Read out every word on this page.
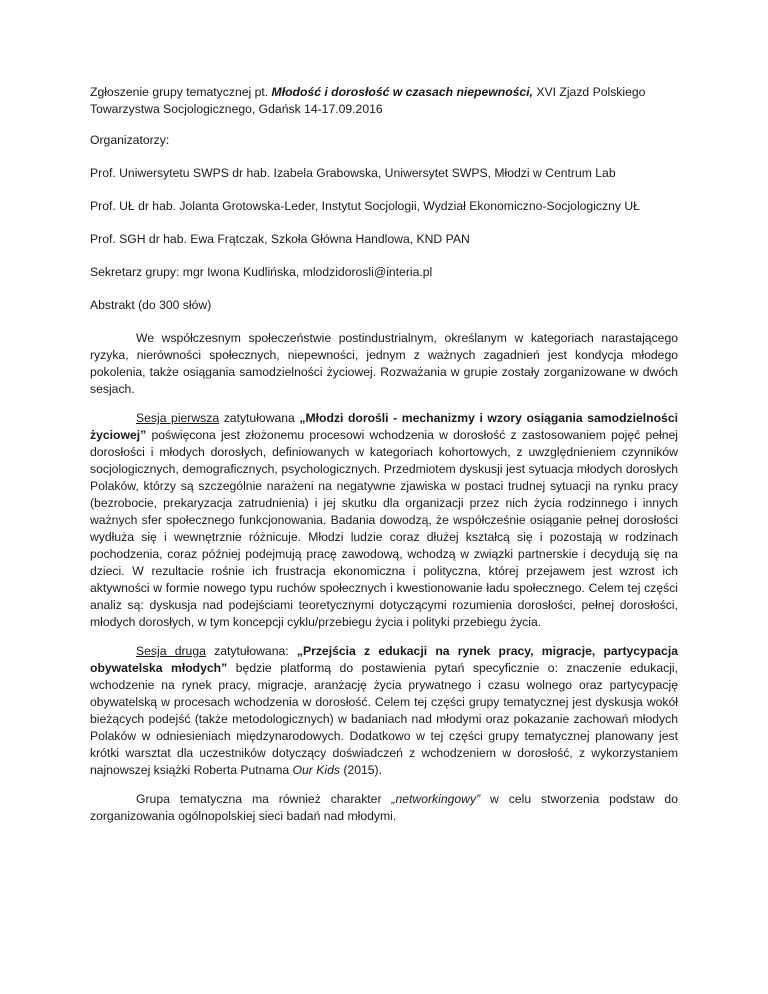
Zgłoszenie grupy tematycznej pt. Młodość i dorosłość w czasach niepewności, XVI Zjazd Polskiego Towarzystwa Socjologicznego, Gdańsk 14-17.09.2016

Organizatorzy:

Prof. Uniwersytetu SWPS dr hab. Izabela Grabowska, Uniwersytet SWPS, Młodzi w Centrum Lab

Prof. UŁ dr hab. Jolanta Grotowska-Leder, Instytut Socjologii, Wydział Ekonomiczno-Socjologiczny UŁ

Prof. SGH dr hab. Ewa Frątczak, Szkoła Główna Handlowa, KND PAN

Sekretarz grupy: mgr Iwona Kudlińska, mlodzidorosli@interia.pl

Abstrakt (do 300 słów)

We współczesnym społeczeństwie postindustrialnym, określanym w kategoriach narastającego ryzyka, nierówności społecznych, niepewności, jednym z ważnych zagadnień jest kondycja młodego pokolenia, także osiągania samodzielności życiowej. Rozważania w grupie zostały zorganizowane w dwóch sesjach.

Sesja pierwsza zatytułowana „Młodzi dorośli - mechanizmy i wzory osiągania samodzielności życiowej” poświęcona jest złożonemu procesowi wchodzenia w dorosłość z zastosowaniem pojęć pełnej dorosłości i młodych dorosłych, definiowanych w kategoriach kohortowych, z uwzględnieniem czynników socjologicznych, demograficznych, psychologicznych. Przedmiotem dyskusji jest sytuacja młodych dorosłych Polaków, którzy są szczególnie narażeni na negatywne zjawiska w postaci trudnej sytuacji na rynku pracy (bezrobocie, prekaryzacja zatrudnienia) i jej skutku dla organizacji przez nich życia rodzinnego i innych ważnych sfer społecznego funkcjonowania. Badania dowodzą, że współcześnie osiąganie pełnej dorosłości wydłuża się i wewnętrznie różnicuje. Młodzi ludzie coraz dłużej kształcą się i pozostają w rodzinach pochodzenia, coraz później podejmują pracę zawodową, wchodzą w związki partnerskie i decydują się na dzieci. W rezultacie rośnie ich frustracja ekonomiczna i polityczna, której przejawem jest wzrost ich aktywności w formie nowego typu ruchów społecznych i kwestionowanie ładu społecznego. Celem tej części analiz są: dyskusja nad podejściami teoretycznymi dotyczącymi rozumienia dorosłości, pełnej dorosłości, młodych dorosłych, w tym koncepcji cyklu/przebiegu życia i polityki przebiegu życia.

Sesja druga zatytułowana: „Przejścia z edukacji na rynek pracy, migracje, partycypacja obywatelska młodych” będzie platformą do postawienia pytań specyficznie o: znaczenie edukacji, wchodzenie na rynek pracy, migracje, aranżację życia prywatnego i czasu wolnego oraz partycypację obywatelską w procesach wchodzenia w dorosłość. Celem tej części grupy tematycznej jest dyskusja wokół bieżących podejść (także metodologicznych) w badaniach nad młodymi oraz pokazanie zachowań młodych Polaków w odniesieniach międzynarodowych. Dodatkowo w tej części grupy tematycznej planowany jest krótki warsztat dla uczestników dotyczący doświadczeń z wchodzeniem w dorosłość, z wykorzystaniem najnowszej książki Roberta Putnama Our Kids (2015).

Grupa tematyczna ma również charakter „networkingowy” w celu stworzenia podstaw do zorganizowania ogólnopolskiej sieci badań nad młodymi.
